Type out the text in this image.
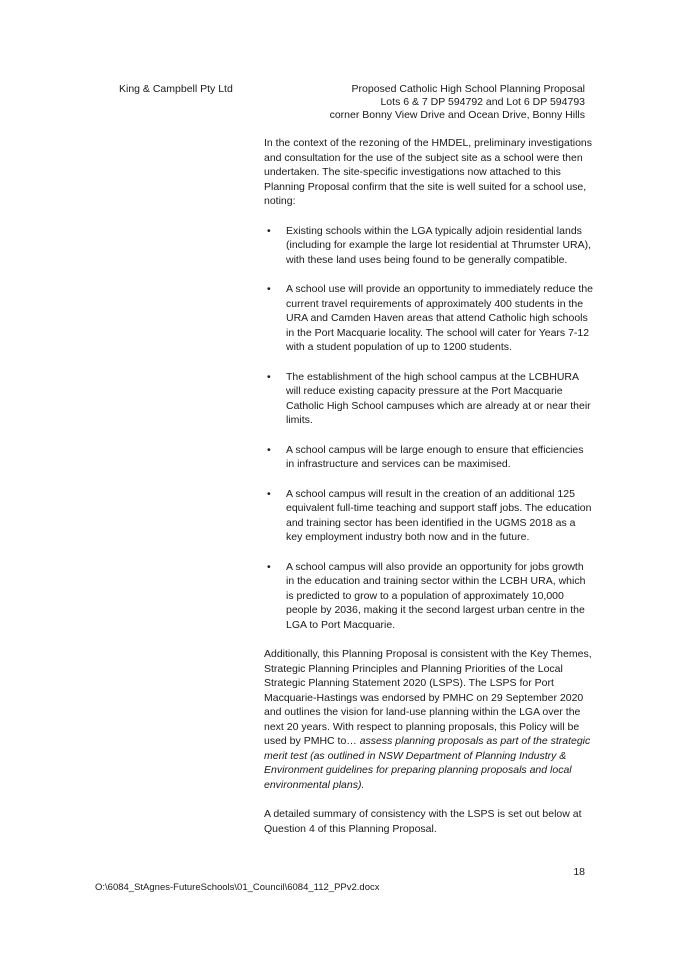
King & Campbell Pty Ltd	Proposed Catholic High School Planning Proposal
Lots 6 & 7 DP 594792 and Lot 6 DP 594793
corner Bonny View Drive and Ocean Drive, Bonny Hills

In the context of the rezoning of the HMDEL, preliminary investigations and consultation for the use of the subject site as a school were then undertaken. The site-specific investigations now attached to this Planning Proposal confirm that the site is well suited for a school use, noting:

• Existing schools within the LGA typically adjoin residential lands (including for example the large lot residential at Thrumster URA), with these land uses being found to be generally compatible.
• A school use will provide an opportunity to immediately reduce the current travel requirements of approximately 400 students in the URA and Camden Haven areas that attend Catholic high schools in the Port Macquarie locality. The school will cater for Years 7-12 with a student population of up to 1200 students.
• The establishment of the high school campus at the LCBHURA will reduce existing capacity pressure at the Port Macquarie Catholic High School campuses which are already at or near their limits.
• A school campus will be large enough to ensure that efficiencies in infrastructure and services can be maximised.
• A school campus will result in the creation of an additional 125 equivalent full-time teaching and support staff jobs. The education and training sector has been identified in the UGMS 2018 as a key employment industry both now and in the future.
• A school campus will also provide an opportunity for jobs growth in the education and training sector within the LCBH URA, which is predicted to grow to a population of approximately 10,000 people by 2036, making it the second largest urban centre in the LGA to Port Macquarie.

Additionally, this Planning Proposal is consistent with the Key Themes, Strategic Planning Principles and Planning Priorities of the Local Strategic Planning Statement 2020 (LSPS). The LSPS for Port Macquarie-Hastings was endorsed by PMHC on 29 September 2020 and outlines the vision for land-use planning within the LGA over the next 20 years. With respect to planning proposals, this Policy will be used by PMHC to… assess planning proposals as part of the strategic merit test (as outlined in NSW Department of Planning Industry & Environment guidelines for preparing planning proposals and local environmental plans).

A detailed summary of consistency with the LSPS is set out below at Question 4 of this Planning Proposal.

18
O:\6084_StAgnes-FutureSchools\01_Council\6084_112_PPv2.docx
